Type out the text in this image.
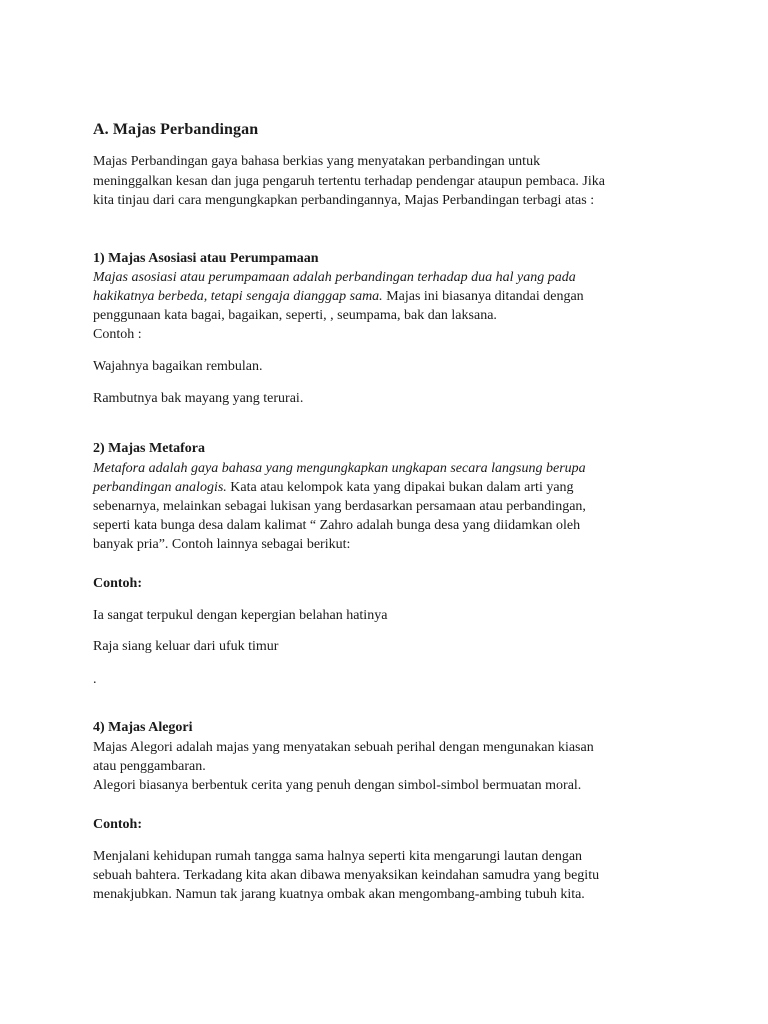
A. Majas Perbandingan
Majas Perbandingan gaya bahasa berkias yang menyatakan perbandingan untuk
meninggalkan kesan dan juga pengaruh tertentu terhadap pendengar ataupun pembaca. Jika
kita tinjau dari cara mengungkapkan perbandingannya, Majas Perbandingan terbagi atas :
1) Majas Asosiasi atau Perumpamaan
Majas asosiasi atau perumpamaan adalah perbandingan terhadap dua hal yang pada
hakikatnya berbeda, tetapi sengaja dianggap sama. Majas ini biasanya ditandai dengan
penggunaan kata bagai, bagaikan, seperti, , seumpama, bak dan laksana.
Contoh :
Wajahnya bagaikan rembulan.
Rambutnya bak mayang yang terurai.
2) Majas Metafora
Metafora adalah gaya bahasa yang mengungkapkan ungkapan secara langsung berupa
perbandingan analogis. Kata atau kelompok kata yang dipakai bukan dalam arti yang
sebenarnya, melainkan sebagai lukisan yang berdasarkan persamaan atau perbandingan,
seperti kata bunga desa dalam kalimat “ Zahro adalah bunga desa yang diidamkan oleh
banyak pria”. Contoh lainnya sebagai berikut:
Contoh:
Ia sangat terpukul dengan kepergian belahan hatinya
Raja siang keluar dari ufuk timur
.
4) Majas Alegori
Majas Alegori adalah majas yang menyatakan sebuah perihal dengan mengunakan kiasan
atau penggambaran.
Alegori biasanya berbentuk cerita yang penuh dengan simbol-simbol bermuatan moral.
Contoh:
Menjalani kehidupan rumah tangga sama halnya seperti kita mengarungi lautan dengan
sebuah bahtera. Terkadang kita akan dibawa menyaksikan keindahan samudra yang begitu
menakjubkan. Namun tak jarang kuatnya ombak akan mengombang-ambing tubuh kita.
